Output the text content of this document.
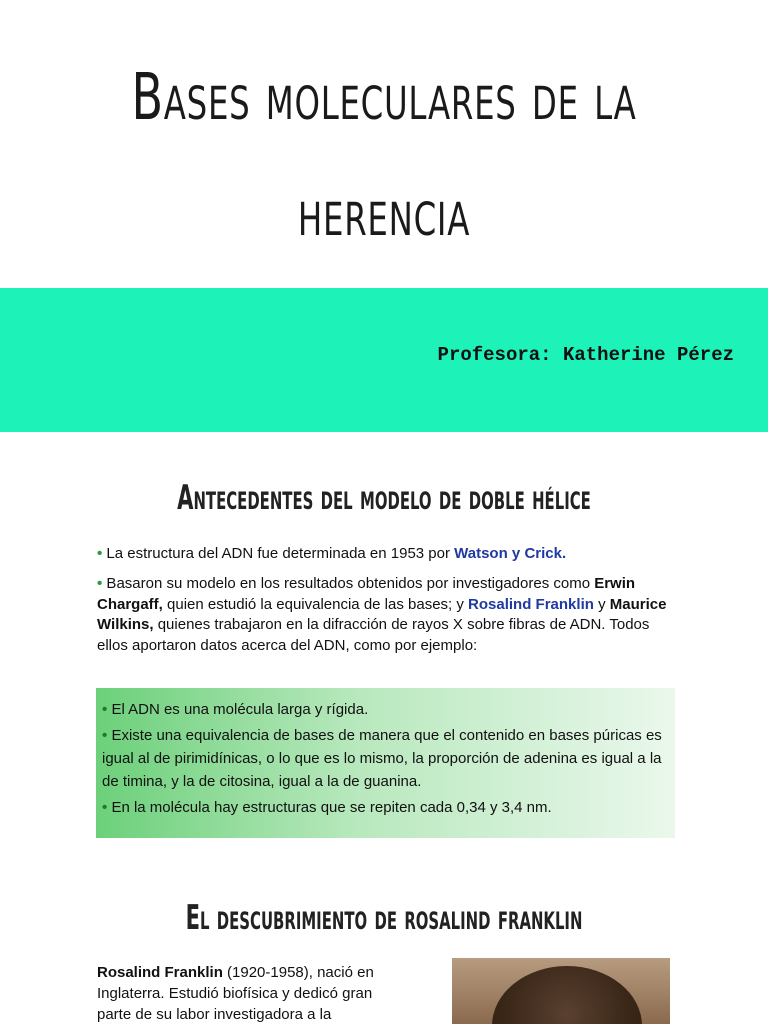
Bases moleculares de la
herencia
Profesora: Katherine Pérez
Antecedentes del modelo de doble hélice
• La estructura del ADN fue determinada en 1953 por Watson y Crick.
• Basaron su modelo en los resultados obtenidos por investigadores como Erwin Chargaff, quien estudió la equivalencia de las bases; y Rosalind Franklin y Maurice Wilkins, quienes trabajaron en la difracción de rayos X sobre fibras de ADN. Todos ellos aportaron datos acerca del ADN, como por ejemplo:
• El ADN es una molécula larga y rígida.
• Existe una equivalencia de bases de manera que el contenido en bases púricas es igual al de pirimidínicas, o lo que es lo mismo, la proporción de adenina es igual a la de timina, y la de citosina, igual a la de guanina.
• En la molécula hay estructuras que se repiten cada 0,34 y 3,4 nm.
El descubrimiento de rosalind franklin
Rosalind Franklin (1920-1958), nació en Inglaterra. Estudió biofísica y dedicó gran parte de su labor investigadora a la
